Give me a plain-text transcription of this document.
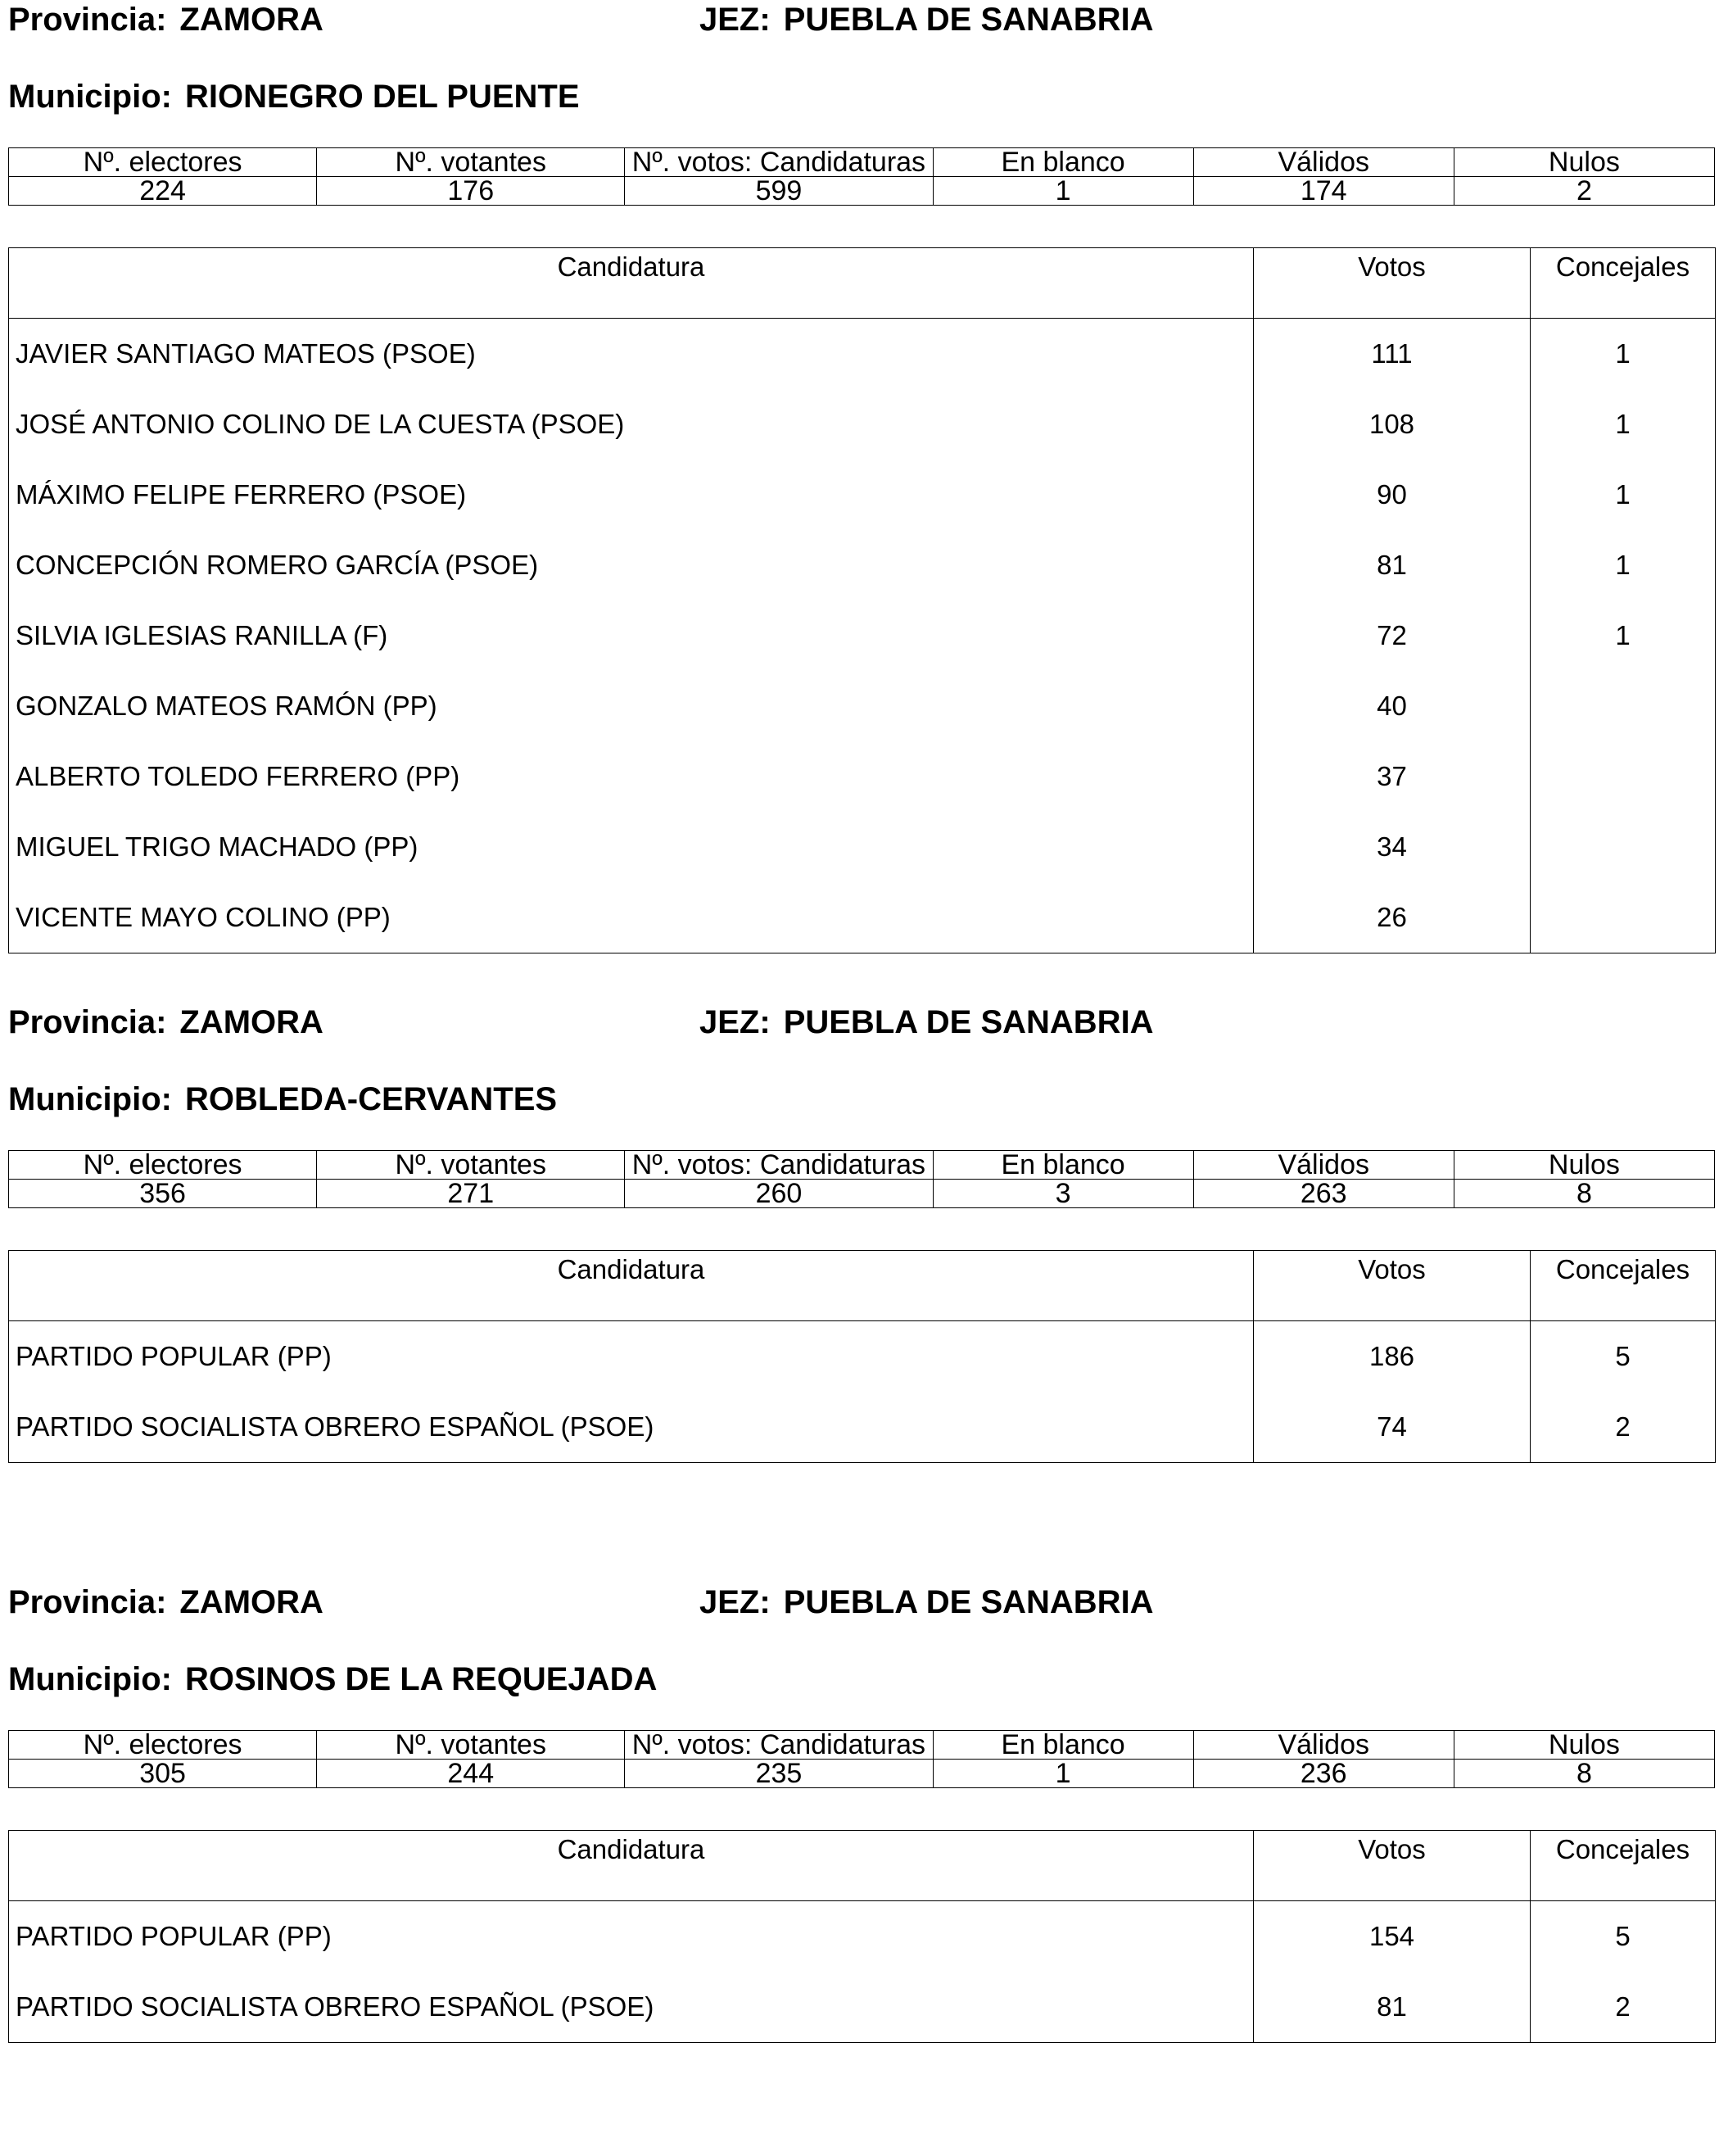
Provincia: ZAMORA	JEZ: PUEBLA DE SANABRIA
Municipio: RIONEGRO DEL PUENTE
Nº. electores	Nº. votantes	Nº. votos: Candidaturas	En blanco	Válidos	Nulos
224	176	599	1	174	2
Candidatura	Votos	Concejales
JAVIER SANTIAGO MATEOS (PSOE)	111	1
JOSÉ ANTONIO COLINO DE LA CUESTA (PSOE)	108	1
MÁXIMO FELIPE FERRERO (PSOE)	90	1
CONCEPCIÓN ROMERO GARCÍA (PSOE)	81	1
SILVIA IGLESIAS RANILLA (F)	72	1
GONZALO MATEOS RAMÓN (PP)	40	
ALBERTO TOLEDO FERRERO (PP)	37	
MIGUEL TRIGO MACHADO (PP)	34	
VICENTE MAYO COLINO (PP)	26	
Provincia: ZAMORA	JEZ: PUEBLA DE SANABRIA
Municipio: ROBLEDA-CERVANTES
Nº. electores	Nº. votantes	Nº. votos: Candidaturas	En blanco	Válidos	Nulos
356	271	260	3	263	8
Candidatura	Votos	Concejales
PARTIDO POPULAR (PP)	186	5
PARTIDO SOCIALISTA OBRERO ESPAÑOL (PSOE)	74	2
Provincia: ZAMORA	JEZ: PUEBLA DE SANABRIA
Municipio: ROSINOS DE LA REQUEJADA
Nº. electores	Nº. votantes	Nº. votos: Candidaturas	En blanco	Válidos	Nulos
305	244	235	1	236	8
Candidatura	Votos	Concejales
PARTIDO POPULAR (PP)	154	5
PARTIDO SOCIALISTA OBRERO ESPAÑOL (PSOE)	81	2
